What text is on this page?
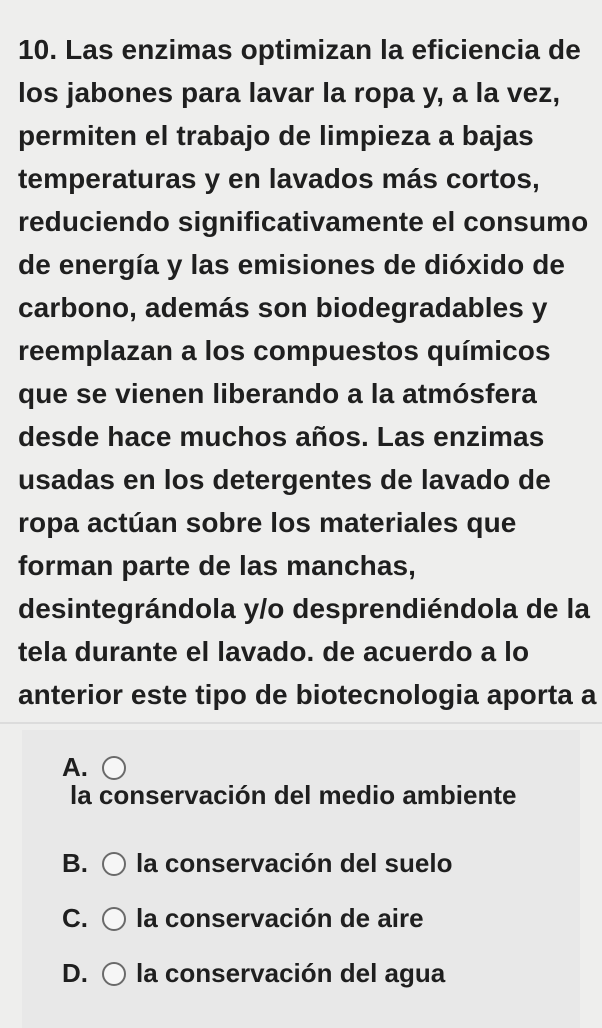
10. Las enzimas optimizan la eficiencia de
los jabones para lavar la ropa y, a la vez,
permiten el trabajo de limpieza a bajas
temperaturas y en lavados más cortos,
reduciendo significativamente el consumo
de energía y las emisiones de dióxido de
carbono, además son biodegradables y
reemplazan a los compuestos químicos
que se vienen liberando a la atmósfera
desde hace muchos años. Las enzimas
usadas en los detergentes de lavado de
ropa actúan sobre los materiales que
forman parte de las manchas,
desintegrándola y/o desprendiéndola de la
tela durante el lavado. de acuerdo a lo
anterior este tipo de biotecnologia aporta a
A.
la conservación del medio ambiente
B.	la conservación del suelo
C.	la conservación de aire
D.	la conservación del agua
